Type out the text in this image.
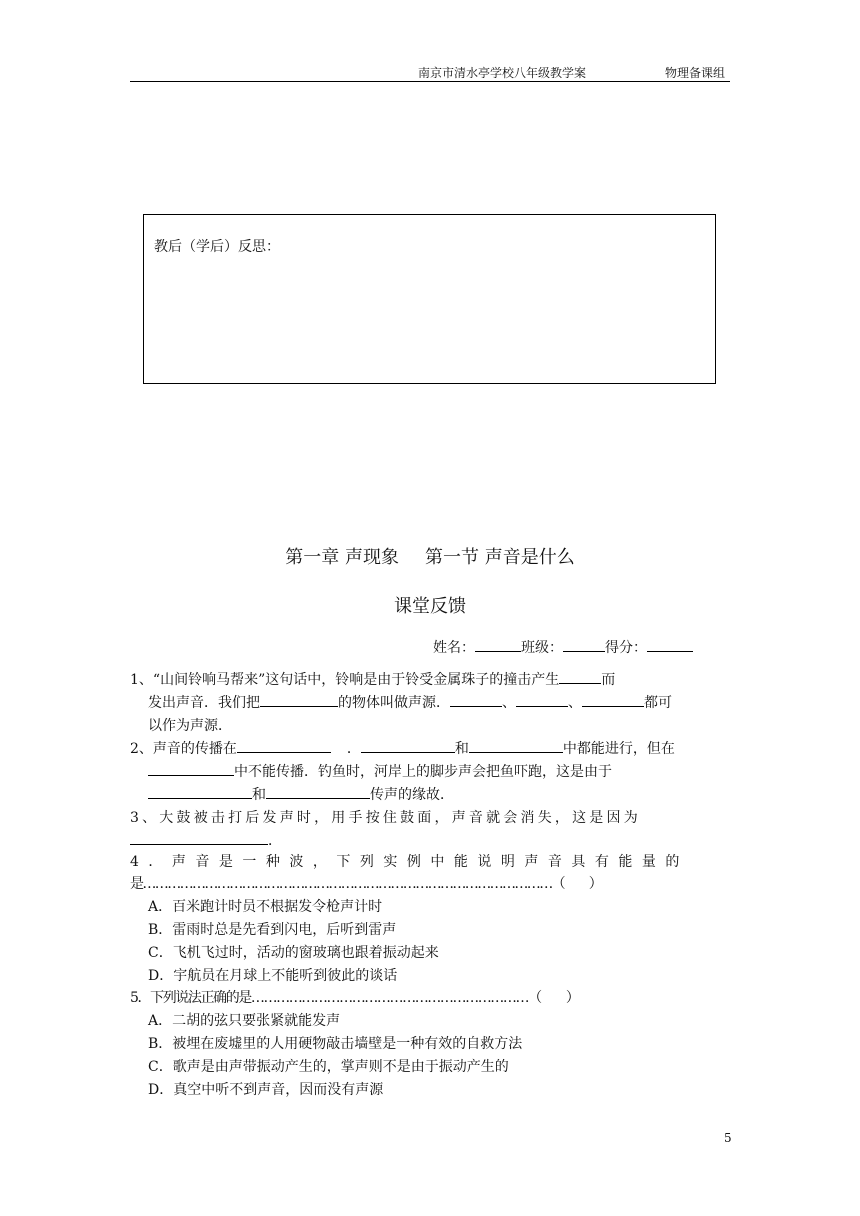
南京市清水亭学校八年级教学案	物理备课组
教后（学后）反思：
第一章 声现象 第一节 声音是什么
课堂反馈
姓名：	班级：	得分：
1、“山间铃响马帮来”这句话中，铃响是由于铃受金属珠子的撞击产生	而
发出声音．我们把	的物体叫做声源．	、	、	都可
以作为声源．
2、声音的传播在	．	和	中都能进行，但在
中不能传播．钓鱼时，河岸上的脚步声会把鱼吓跑，这是由于
和	传声的缘故．
3、大鼓被击打后发声时，用手按住鼓面，声音就会消失，这是因为
．
4．声音是一种波，下列实例中能说明声音具有能量的
是………………………………………………………………………………………（　　）
A．百米跑计时员不根据发令枪声计时
B．雷雨时总是先看到闪电，后听到雷声
C．飞机飞过时，活动的窗玻璃也跟着振动起来
D．宇航员在月球上不能听到彼此的谈话
5．下列说法正确的是…………………………………………………………（　　）
A．二胡的弦只要张紧就能发声
B．被埋在废墟里的人用硬物敲击墙壁是一种有效的自救方法
C．歌声是由声带振动产生的，掌声则不是由于振动产生的
D．真空中听不到声音，因而没有声源
5
